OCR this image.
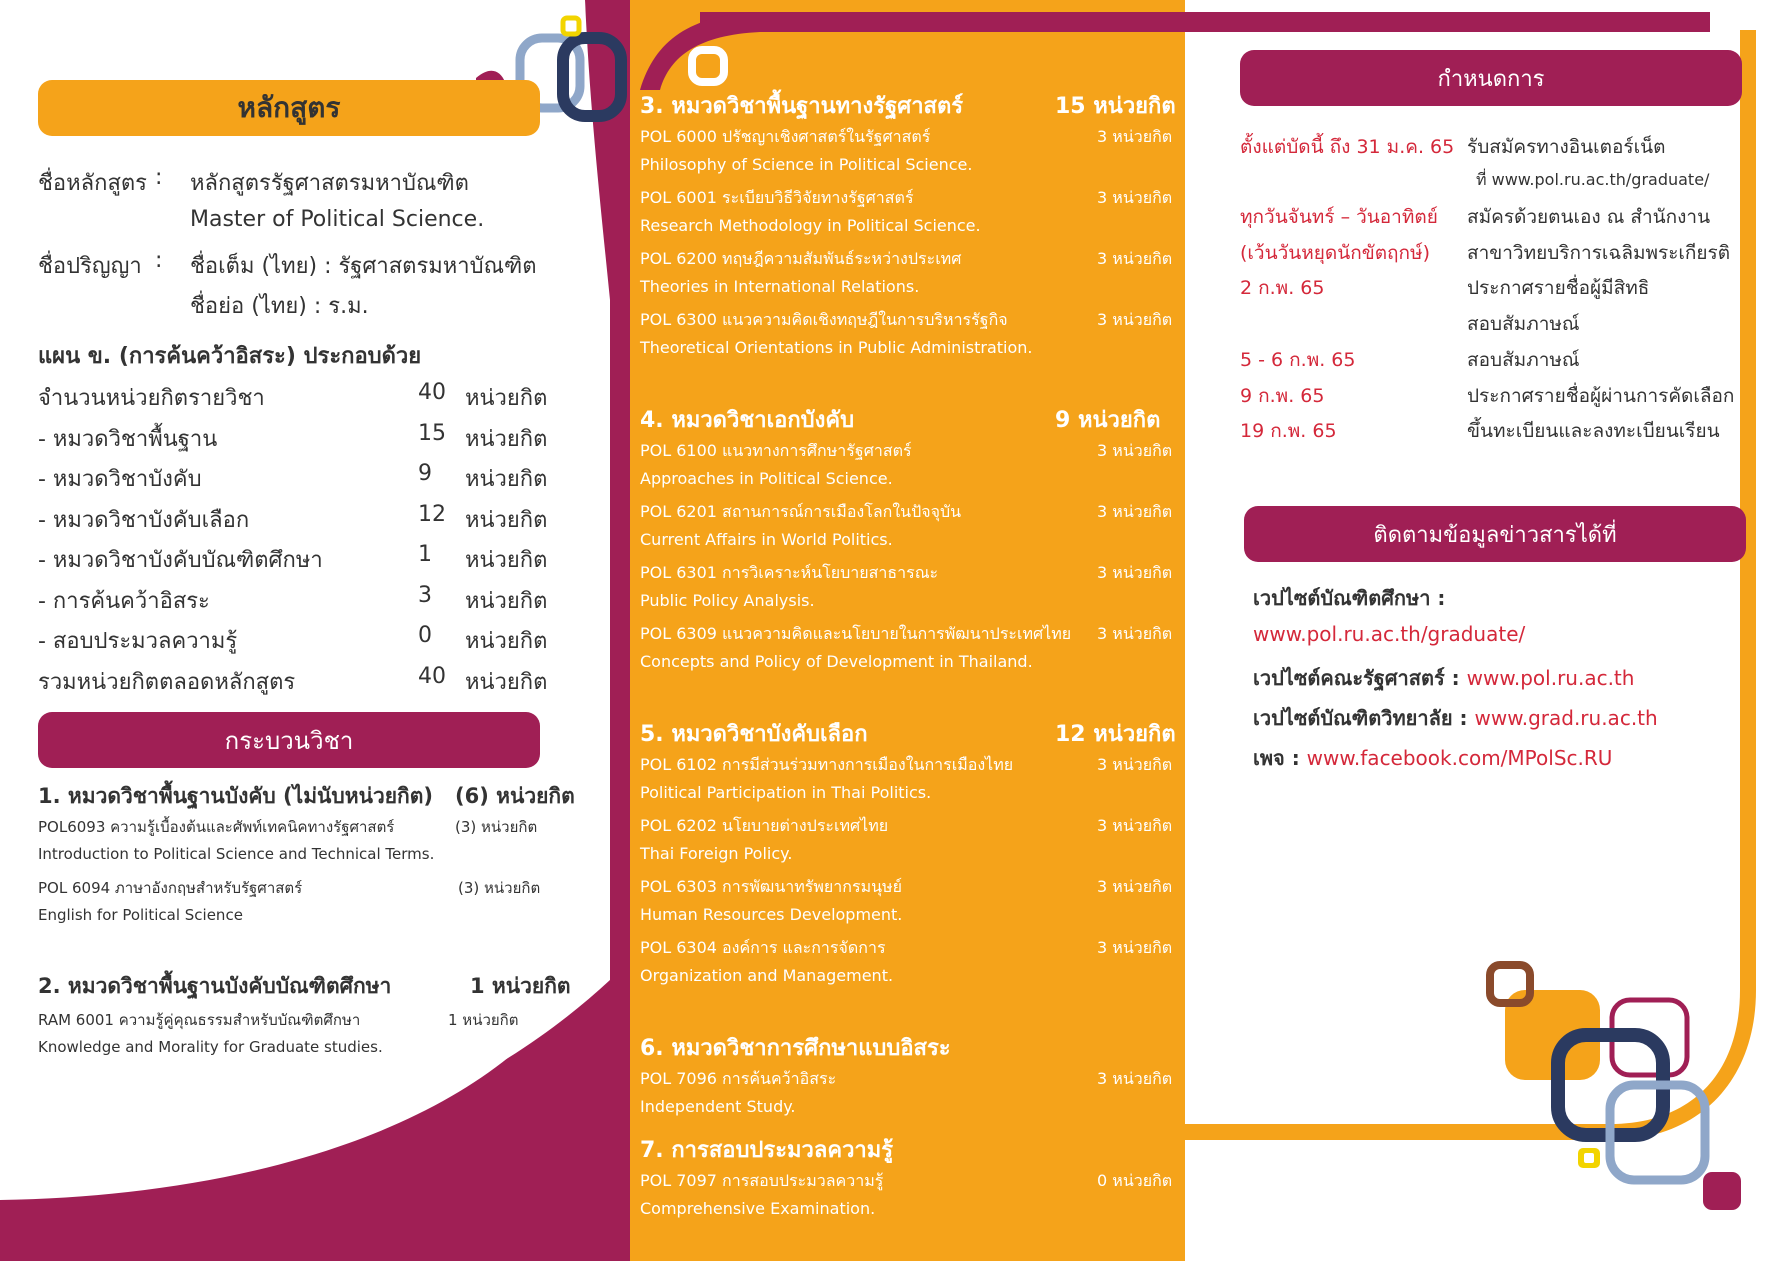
หลักสูตร
ชื่อหลักสูตร : หลักสูตรรัฐศาสตรมหาบัณฑิต
Master of Political Science.
ชื่อปริญญา : ชื่อเต็ม (ไทย) : รัฐศาสตรมหาบัณฑิต
ชื่อย่อ (ไทย) : ร.ม.
แผน ข. (การค้นคว้าอิสระ) ประกอบด้วย
จำนวนหน่วยกิตรายวิชา	40 หน่วยกิต
- หมวดวิชาพื้นฐาน	15 หน่วยกิต
- หมวดวิชาบังคับ	9 หน่วยกิต
- หมวดวิชาบังคับเลือก	12 หน่วยกิต
- หมวดวิชาบังคับบัณฑิตศึกษา	1 หน่วยกิต
- การค้นคว้าอิสระ	3 หน่วยกิต
- สอบประมวลความรู้	0 หน่วยกิต
รวมหน่วยกิตตลอดหลักสูตร	40 หน่วยกิต
กระบวนวิชา
1. หมวดวิชาพื้นฐานบังคับ (ไม่นับหน่วยกิต) (6) หน่วยกิต
POL6093 ความรู้เบื้องต้นและศัพท์เทคนิคทางรัฐศาสตร์	(3) หน่วยกิต
Introduction to Political Science and Technical Terms.
POL 6094 ภาษาอังกฤษสำหรับรัฐศาสตร์	(3) หน่วยกิต
English for Political Science
2. หมวดวิชาพื้นฐานบังคับบัณฑิตศึกษา	1 หน่วยกิต
RAM 6001 ความรู้คู่คุณธรรมสำหรับบัณฑิตศึกษา	1 หน่วยกิต
Knowledge and Morality for Graduate studies.
3. หมวดวิชาพื้นฐานทางรัฐศาสตร์	15 หน่วยกิต
POL 6000 ปรัชญาเชิงศาสตร์ในรัฐศาสตร์	3 หน่วยกิต
Philosophy of Science in Political Science.
POL 6001 ระเบียบวิธีวิจัยทางรัฐศาสตร์	3 หน่วยกิต
Research Methodology in Political Science.
POL 6200 ทฤษฎีความสัมพันธ์ระหว่างประเทศ	3 หน่วยกิต
Theories in International Relations.
POL 6300 แนวความคิดเชิงทฤษฎีในการบริหารรัฐกิจ	3 หน่วยกิต
Theoretical Orientations in Public Administration.
4. หมวดวิชาเอกบังคับ	9 หน่วยกิต
POL 6100 แนวทางการศึกษารัฐศาสตร์	3 หน่วยกิต
Approaches in Political Science.
POL 6201 สถานการณ์การเมืองโลกในปัจจุบัน	3 หน่วยกิต
Current Affairs in World Politics.
POL 6301 การวิเคราะห์นโยบายสาธารณะ	3 หน่วยกิต
Public Policy Analysis.
POL 6309 แนวความคิดและนโยบายในการพัฒนาประเทศไทย 3 หน่วยกิต
Concepts and Policy of Development in Thailand.
5. หมวดวิชาบังคับเลือก	12 หน่วยกิต
POL 6102 การมีส่วนร่วมทางการเมืองในการเมืองไทย	3 หน่วยกิต
Political Participation in Thai Politics.
POL 6202 นโยบายต่างประเทศไทย	3 หน่วยกิต
Thai Foreign Policy.
POL 6303 การพัฒนาทรัพยากรมนุษย์	3 หน่วยกิต
Human Resources Development.
POL 6304 องค์การ และการจัดการ	3 หน่วยกิต
Organization and Management.
6. หมวดวิชาการศึกษาแบบอิสระ
POL 7096 การค้นคว้าอิสระ	3 หน่วยกิต
Independent Study.
7. การสอบประมวลความรู้
POL 7097 การสอบประมวลความรู้	0 หน่วยกิต
Comprehensive Examination.
กำหนดการ
ตั้งแต่บัดนี้ ถึง 31 ม.ค. 65 รับสมัครทางอินเตอร์เน็ต
ที่ www.pol.ru.ac.th/graduate/
ทุกวันจันทร์ – วันอาทิตย์ สมัครด้วยตนเอง ณ สำนักงาน
(เว้นวันหยุดนักขัตฤกษ์) สาขาวิทยบริการเฉลิมพระเกียรติ
2 ก.พ. 65	ประกาศรายชื่อผู้มีสิทธิ
สอบสัมภาษณ์
5 - 6 ก.พ. 65	สอบสัมภาษณ์
9 ก.พ. 65	ประกาศรายชื่อผู้ผ่านการคัดเลือก
19 ก.พ. 65	ขึ้นทะเบียนและลงทะเบียนเรียน
ติดตามข้อมูลข่าวสารได้ที่
เวปไซต์บัณฑิตศึกษา :
www.pol.ru.ac.th/graduate/
เวปไซต์คณะรัฐศาสตร์ : www.pol.ru.ac.th
เวปไซต์บัณฑิตวิทยาลัย : www.grad.ru.ac.th
เพจ : www.facebook.com/MPolSc.RU
